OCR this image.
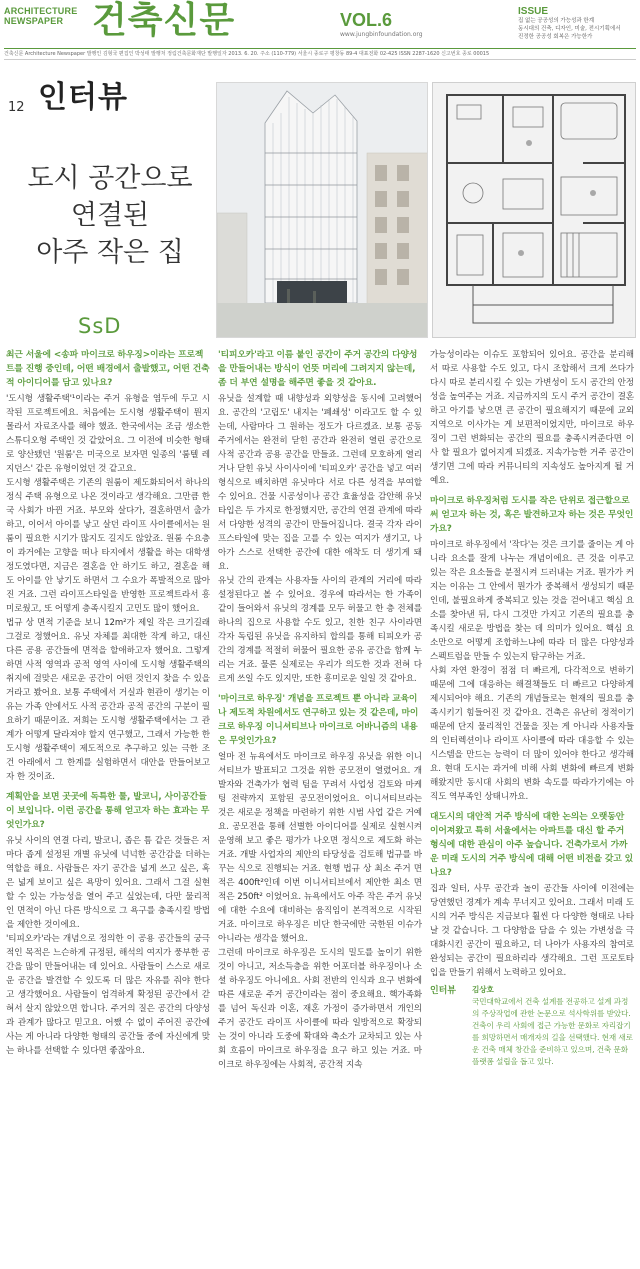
ARCHITECTURE
NEWSPAPER 건축신문	VOL.6
www.jungbinfoundation.org
ISSUE
집 없는 공공성의 가능성과 한계
동시대의 건축, 디자인, 미술, 전시기획에서
진정한 공공성 회복은 가능한가
건축신문 Architecture Newspaper 발행인 김형국 편집인 박성태 발행처 정림건축문화재단 발행일자 2013. 6. 20. 주소 (110-779) 서울시 종로구 평창동 89-4 대표전화 02-425 ISSN 2287-1620 신고번호 종로 00015
인터뷰
12
도시 공간으로
연결된
아주 작은 집
SsD
최근 서울에 <송파 마이크로 하우징>이라는 프로젝트를 진행 중인데, 어떤 배경에서 출발했고, 어떤 건축적 아이디어를 담고 있나요?

'도시형 생활주택'¹이라는 주거 유형을 염두에 두고 시작된 프로젝트에요. 처음에는 도시형 생활주택이 뭔지 몰라서 자료조사를 해야 했죠. 한국에서는 조금 생소한 스튜디오형 주택인 것 같았어요. 그 이전에 비슷한 형태로 양산됐던 '원룸'은 미국으로 보자면 일종의 '룸텔 레지던스' 같은 유형이었던 것 같고요.

도시형 생활주택은 기존의 원룸이 제도화되어서 하나의 정식 주택 유형으로 나온 것이라고 생각해요. 그만큼 한국 사회가 바뀐 거죠. 부모와 살다가, 결혼하면서 출가하고, 이어서 아이를 낳고 살던 라이프 사이클에서는 원룸이 필요한 시기가 많지도 길지도 않았죠. 원룸 수요층이 과거에는 고향을 떠나 타지에서 생활을 하는 대학생 정도였다면, 지금은 결혼을 안 하기도 하고, 결혼을 해도 아이를 안 낳기도 하면서 그 수요가 폭발적으로 많아진 거죠. 그런 라이프스타일을 반영한 프로젝트라서 흥미로웠고, 또 어떻게 층족시킬지 고민도 많이 했어요.

법규 상 면적 기준을 보니 12m²가 제일 작은 크기길래 그걸로 정했어요. 유닛 자체를 최대한 작게 하고, 대신 다른 공용 공간들에 면적을 할애하고자 했어요. 그렇게 하면 사적 영역과 공적 영역 사이에 도시형 생활주택의 취지에 걸맞은 새로운 공간이 어떤 것인지 찾을 수 있을 거라고 봤어요. 보통 주택에서 거실과 현관이 생기는 이유는 가족 안에서도 사적 공간과 공적 공간의 구분이 필요하기 때문이죠. 저희는 도시형 생활주택에서는 그 관계가 어떻게 달라져야 할지 연구했고, 그래서 가능한 한 도시형 생활주택이 제도적으로 추구하고 있는 극한 조건 아래에서 그 한계를 실험하면서 대안을 만들어보고자 한 것이죠.

계획안을 보면 곳곳에 독특한 툴, 발코니, 사이공간들이 보입니다. 이런 공간을 통해 얻고자 하는 효과는 무엇인가요?

유닛 사이의 연결 다리, 발코니, 좁은 틈 같은 것들은 저마다 좁게 설정된 개별 유닛에 넉넉한 공간감을 더하는 역할을 해요. 사람들은 자기 공간을 넓게 쓰고 싶은, 혹은 넓게 보이고 싶은 욕망이 있어요. 그래서 그걸 실현할 수 있는 가능성을 열어 주고 싶었는데, 다만 물리적인 면적이 아닌 다른 방식으로 그 욕구를 충족시킬 방법을 제안한 것이에요.

'티피오카'라는 개념으로 정의한 이 공용 공간들의 궁극적인 목적은 느슨하게 규정된, 해석의 여지가 풍부한 공간을 많이 만들어내는 데 있어요. 사람들이 스스로 새로운 공간을 발견할 수 있도록 더 많은 자유를 줘야 한다고 생각했어요. 사람들이 엄격하게 확정된 공간에서 갇혀서 살지 않았으면 합니다. 주거의 질은 공간의 다양성과 관계가 많다고 믿고요. 어쨌 수 없이 주어진 공간에 사는 게 아니라 다양한 형태의 공간들 중에 자신에게 맞는 하나를 선택할 수 있다면 좋잖아요.

'티피오카'라고 이름 붙인 공간이 주거 공간의 다양성을 만들어내는 방식이 언뜻 머리에 그려지지 않는데, 좀 더 부연 설명을 해주면 좋을 것 같아요.

유닛을 설계할 때 내향성과 외향성을 동시에 고려했어요. 공간의 '고립도' 내지는 '폐쇄성' 이라고도 할 수 있는데, 사람마다 그 원하는 정도가 다르겠죠. 보통 공동 주거에서는 완전히 닫힌 공간과 완전히 열린 공간으로 사적 공간과 공용 공간을 만들죠. 그런데 모호하게 열리거나 닫힌 유닛 사이사이에 '티피오카' 공간을 넣고 여러 형식으로 배치하면 유닛마다 서로 다른 성격을 부여할 수 있어요. 건물 시공성이나 공간 효율성을 감안해 유닛 타입은 두 가지로 한정했지만, 공간의 연결 관계에 따라서 다양한 성격의 공간이 만들어집니다. 결국 각자 라이프스타일에 맞는 집을 고를 수 있는 여지가 생기고, 나아가 스스로 선택한 공간에 대한 애착도 더 생기게 돼요.

유닛 간의 관계는 사용자들 사이의 관계의 거리에 따라 설정된다고 볼 수 있어요. 경우에 따라서는 한 가족이 같이 들어와서 유닛의 경계를 모두 허물고 한 층 전체를 하나의 집으로 사용할 수도 있고, 친한 친구 사이라면 각자 독립된 유닛을 유지하되 합의를 통해 티피오카 공간의 경계를 적절히 허물어 필요한 공유 공간을 함께 누리는 거죠. 물론 실제로는 우리가 의도한 것과 전혀 다르게 쓰일 수도 있지만, 또한 흥미로운 일일 것 같아요.

'마이크로 하우징' 개념을 프로젝트 뿐 아니라 교육이나 제도적 차원에서도 연구하고 있는 것 같은데, 마이크로 하우징 이니셔티브나 마이크로 어바니즘의 내용은 무엇인가요?

얼마 전 뉴욕에서도 마이크로 하우징 유닛을 위한 이니셔티브가 발표되고 그것을 위한 공모전이 열렸어요. 개발자와 건축가가 협력 팀을 꾸려서 사업성 검토와 마케팅 전략까지 포함된 공모전이었어요. 이니셔티브라는 것은 새로운 정책을 마련하기 위한 시범 사업 같은 거예요. 공모전을 통해 선별한 아이디어를 실제로 실현시켜 운영해 보고 좋은 평가가 나오면 정식으로 제도화 하는 거죠. 개발 사업자의 제안의 타당성을 검토해 법규를 바꾸는 식으로 진행되는 거죠. 현행 법규 상 최소 주거 면적은 400ft²인데 이번 이니셔티브에서 제안한 최소 면적은 250ft² 이었어요. 뉴욕에서도 아주 작은 주거 유닛에 대한 수요에 대비하는 움직임이 본격적으로 시작된 거죠. 마이크로 하우징은 비단 한국에만 국한된 이슈가 아니라는 생각을 했어요.

그런데 마이크로 하우징은 도시의 밀도를 높이기 위한 것이 아니고, 저소득층을 위한 어포더블 하우징이나 소셜 하우징도 아니에요. 사회 전반의 인식과 요구 변화에 따른 새로운 주거 공간이라는 점이 중요해요. 핵가족화를 넘어 독신과 이혼, 재혼 가정이 증가하면서 개인의 주거 공간도 라이프 사이클에 따라 일방적으로 확장되는 것이 아니라 도중에 확대와 축소가 교차되고 있는 사회 흐름이 마이크로 하우징을 요구 하고 있는 거죠. 마이크로 하우징에는 사회적, 공간적 지속

가능성이라는 이슈도 포함되어 있어요. 공간을 분리해서 따로 사용할 수도 있고, 다시 조합해서 크게 쓰다가 다시 따로 분리시킬 수 있는 가변성이 도시 공간의 안정성을 높여주는 거죠. 지금까지의 도시 주거 공간이 결혼하고 아기를 낳으면 큰 공간이 필요해지기 때문에 교외 지역으로 이사가는 게 보편적이었지만, 마이크로 하우징이 그런 변화되는 공간의 필요를 충족시켜준다면 이사 할 필요가 없어지게 되겠죠. 지속가능한 거주 공간이 생기면 그에 따라 커뮤니티의 지속성도 높아지게 될 거예요.

마이크로 하우징처럼 도시를 작은 단위로 접근할으로써 얻고자 하는 것, 혹은 발견하고자 하는 것은 무엇인가요?

마이크로 하우징에서 '작다'는 것은 크기를 줄이는 게 아니라 요소를 잘게 나누는 개념이에요. 큰 것을 이루고 있는 작은 요소들을 분절시켜 드러내는 거죠. 뭔가가 커지는 이유는 그 안에서 뭔가가 중복해서 생성되기 때문인데, 불필요하게 중복되고 있는 것을 걷어내고 핵심 요소를 찾아낸 뒤, 다시 그것만 가지고 기존의 필요를 충족시킬 새로운 방법을 찾는 데 의미가 있어요. 핵심 요소만으로 어떻게 조합하느냐에 따라 더 많은 다양성과 스펙트럼을 만들 수 있는지 탐구하는 거죠.

사회 자연 환경이 점점 더 빠르게, 다각적으로 변하기 때문에 그에 대응하는 해결책들도 더 빠르고 다양하게 제시되어야 해요. 기존의 개념들로는 현재의 필요를 충족시키기 힘들어진 것 같아요. 건축은 유난히 정적이기 때문에 단지 물리적인 건물을 짓는 게 아니라 사용자들의 인터렉션이나 라이프 사이클에 따라 대응할 수 있는 시스템을 만드는 능력이 더 많이 있어야 한다고 생각해요. 현대 도시는 과거에 비해 사회 변화에 빠르게 변화해왔지만 동시대 사회의 변화 속도를 따라가기에는 아직도 역부족인 상태니까요.

대도시의 대안적 거주 방식에 대한 논의는 오랫동안 이어져왔고 특히 서울에서는 아파트를 대신 할 주거 형식에 대한 관심이 아주 높습니다. 건축가로서 가까운 미래 도시의 거주 방식에 대해 어떤 비전을 갖고 있나요?

집과 일터, 사무 공간과 놀이 공간들 사이에 이전에는 당연했던 경계가 계속 무너지고 있어요. 그래서 미래 도시의 거주 방식은 지금보다 훨씬 다 다양한 형태로 나타날 것 같습니다. 그 다양함을 담을 수 있는 가변성을 극대화시킨 공간이 필요하고, 더 나아가 사용자의 참여로 완성되는 공간이 필요하리라 생각해요. 그런 프로토타입을 만들기 위해서 노력하고 있어요.

인터뷰	김상호
국민대학교에서 건축 설계를 전공하고 설계 과정의 주상작업에 관한 논문으로 석사학위를 받았다. 건축이 우리 사회에 접근 가능한 문화로 자리잡기를 희망하면서 매개자의 길을 선택했다. 현재 새로운 건축 매체 창간을 준비하고 있으며, 건축 문화 플랫폼 설립을 돕고 있다.
